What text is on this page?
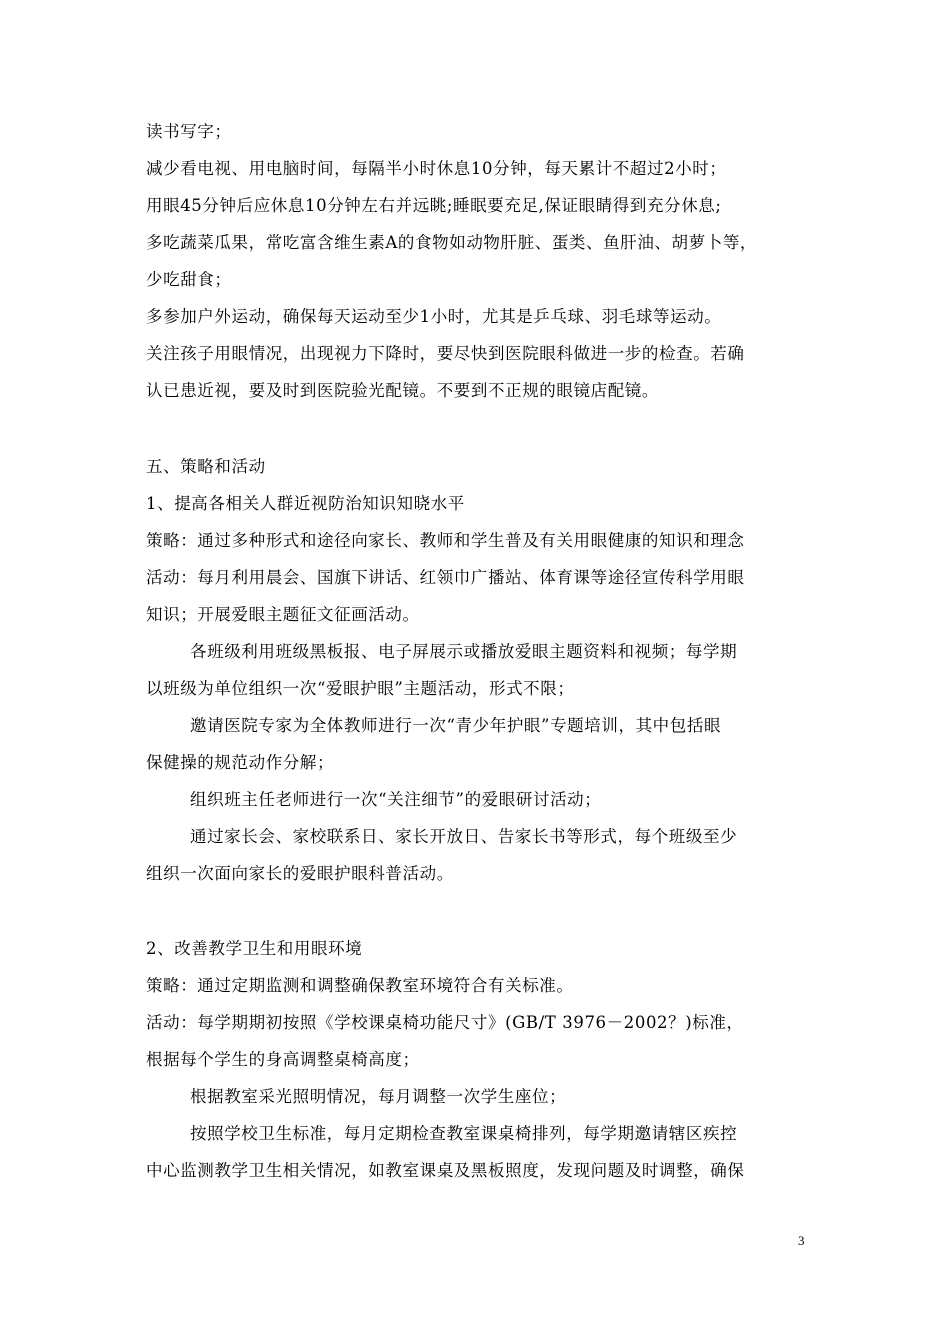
读书写字；
减少看电视、用电脑时间，每隔半小时休息10分钟，每天累计不超过2小时；
用眼45分钟后应休息10分钟左右并远眺;睡眠要充足,保证眼睛得到充分休息;
多吃蔬菜瓜果，常吃富含维生素A的食物如动物肝脏、蛋类、鱼肝油、胡萝卜等，
少吃甜食；
多参加户外运动，确保每天运动至少1小时，尤其是乒乓球、羽毛球等运动。
关注孩子用眼情况，出现视力下降时，要尽快到医院眼科做进一步的检查。若确
认已患近视，要及时到医院验光配镜。不要到不正规的眼镜店配镜。
五、策略和活动
1、提高各相关人群近视防治知识知晓水平
策略：通过多种形式和途径向家长、教师和学生普及有关用眼健康的知识和理念
活动：每月利用晨会、国旗下讲话、红领巾广播站、体育课等途径宣传科学用眼
知识；开展爱眼主题征文征画活动。
各班级利用班级黑板报、电子屏展示或播放爱眼主题资料和视频；每学期
以班级为单位组织一次“爱眼护眼”主题活动，形式不限；
邀请医院专家为全体教师进行一次“青少年护眼”专题培训，其中包括眼
保健操的规范动作分解；
组织班主任老师进行一次“关注细节”的爱眼研讨活动；
通过家长会、家校联系日、家长开放日、告家长书等形式，每个班级至少
组织一次面向家长的爱眼护眼科普活动。
2、改善教学卫生和用眼环境
策略：通过定期监测和调整确保教室环境符合有关标准。
活动：每学期期初按照《学校课桌椅功能尺寸》(GB/T 3976－2002？)标准，
根据每个学生的身高调整桌椅高度；
根据教室采光照明情况，每月调整一次学生座位；
按照学校卫生标准，每月定期检查教室课桌椅排列，每学期邀请辖区疾控
中心监测教学卫生相关情况，如教室课桌及黑板照度，发现问题及时调整，确保
3
